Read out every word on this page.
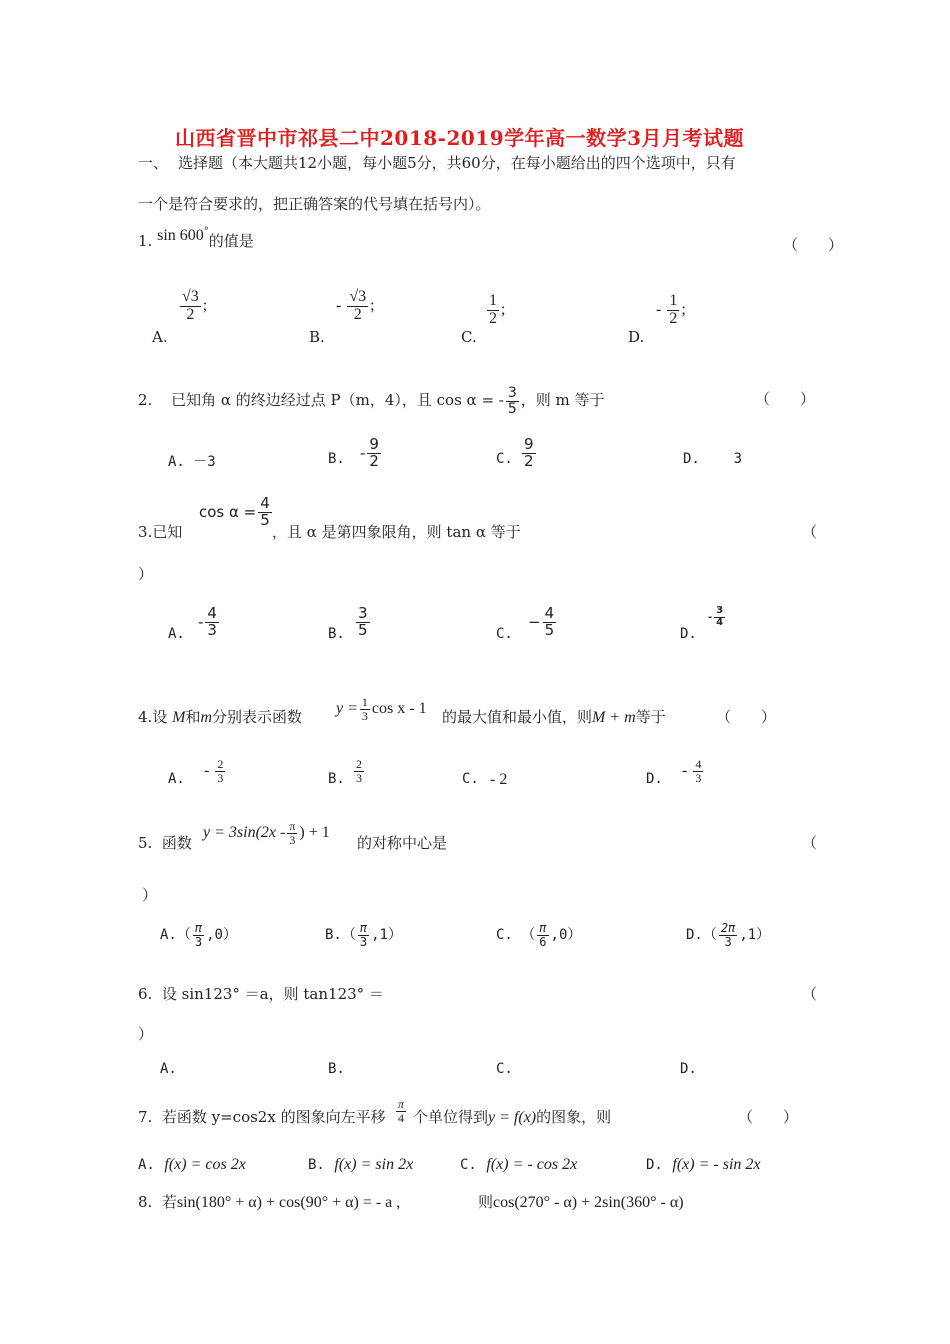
山西省晋中市祁县二中2018-2019学年高一数学3月月考试题
一、 选择题（本大题共12小题，每小题5分，共60分，在每小题给出的四个选项中，只有
一个是符合要求的，把正确答案的代号填在括号内）。
1. sin 600°的值是	（　　）
A.
$\frac{√3}{2}$ ;
B.
- $\frac{√3}{2}$ ;
C.
$\frac{1}{2}$ ;
D.
- $\frac{1}{2}$ ;
2. 已知角 α 的终边经过点 P（m，4），且 cos α = - $\frac{3}{5}$ ，则 m 等于	（　　）
A. －3	B. - $\frac{9}{2}$	C. $\frac{9}{2}$	D. 3
3.已知
$\cos \alpha = \frac{4}{5}$
，且 α 是第四象限角，则 tan α 等于	（
）
A.
- $\frac{4}{3}$	B. $\frac{3}{5}$	C.
− $\frac{4}{5}$	D.
- $\frac{3}{4}$
4.设 M和m分别表示函数 $y = \frac{1}{3}$ cos x - 1 的最大值和最小值，则M + m等于	（　　）
A.
- $\frac{2}{3}$	B. $\frac{2}{3}$	C. - 2	D.
- $\frac{4}{3}$
5. 函数
$y = 3\sin(2x - \frac{\pi}{3}$ ) + 1
的对称中心是	（
）
$A.( \frac{\pi}{3} ,0)$	$B.( \frac{\pi}{3} ,1)$	C. （ $\frac{\pi}{6} ,0$）	$D.( \frac{2\pi}{3} ,1)$
6. 设 sin123° ＝a，则 tan123° ＝	（
）
A.	B.	C.	D.
7. 若函数 y=cos2x 的图象向左平移 $\frac{\pi}{4}$ 个单位得到y = f(x)的图象，则	（　　）
A. f(x) = cos 2x	B. f(x) = sin 2x	C. f(x) = - cos 2x	D. f(x) = - sin 2x
8. 若sin(180° + α) + cos(90° + α) = - a ,	则cos(270° - α) + 2sin(360° - α)
